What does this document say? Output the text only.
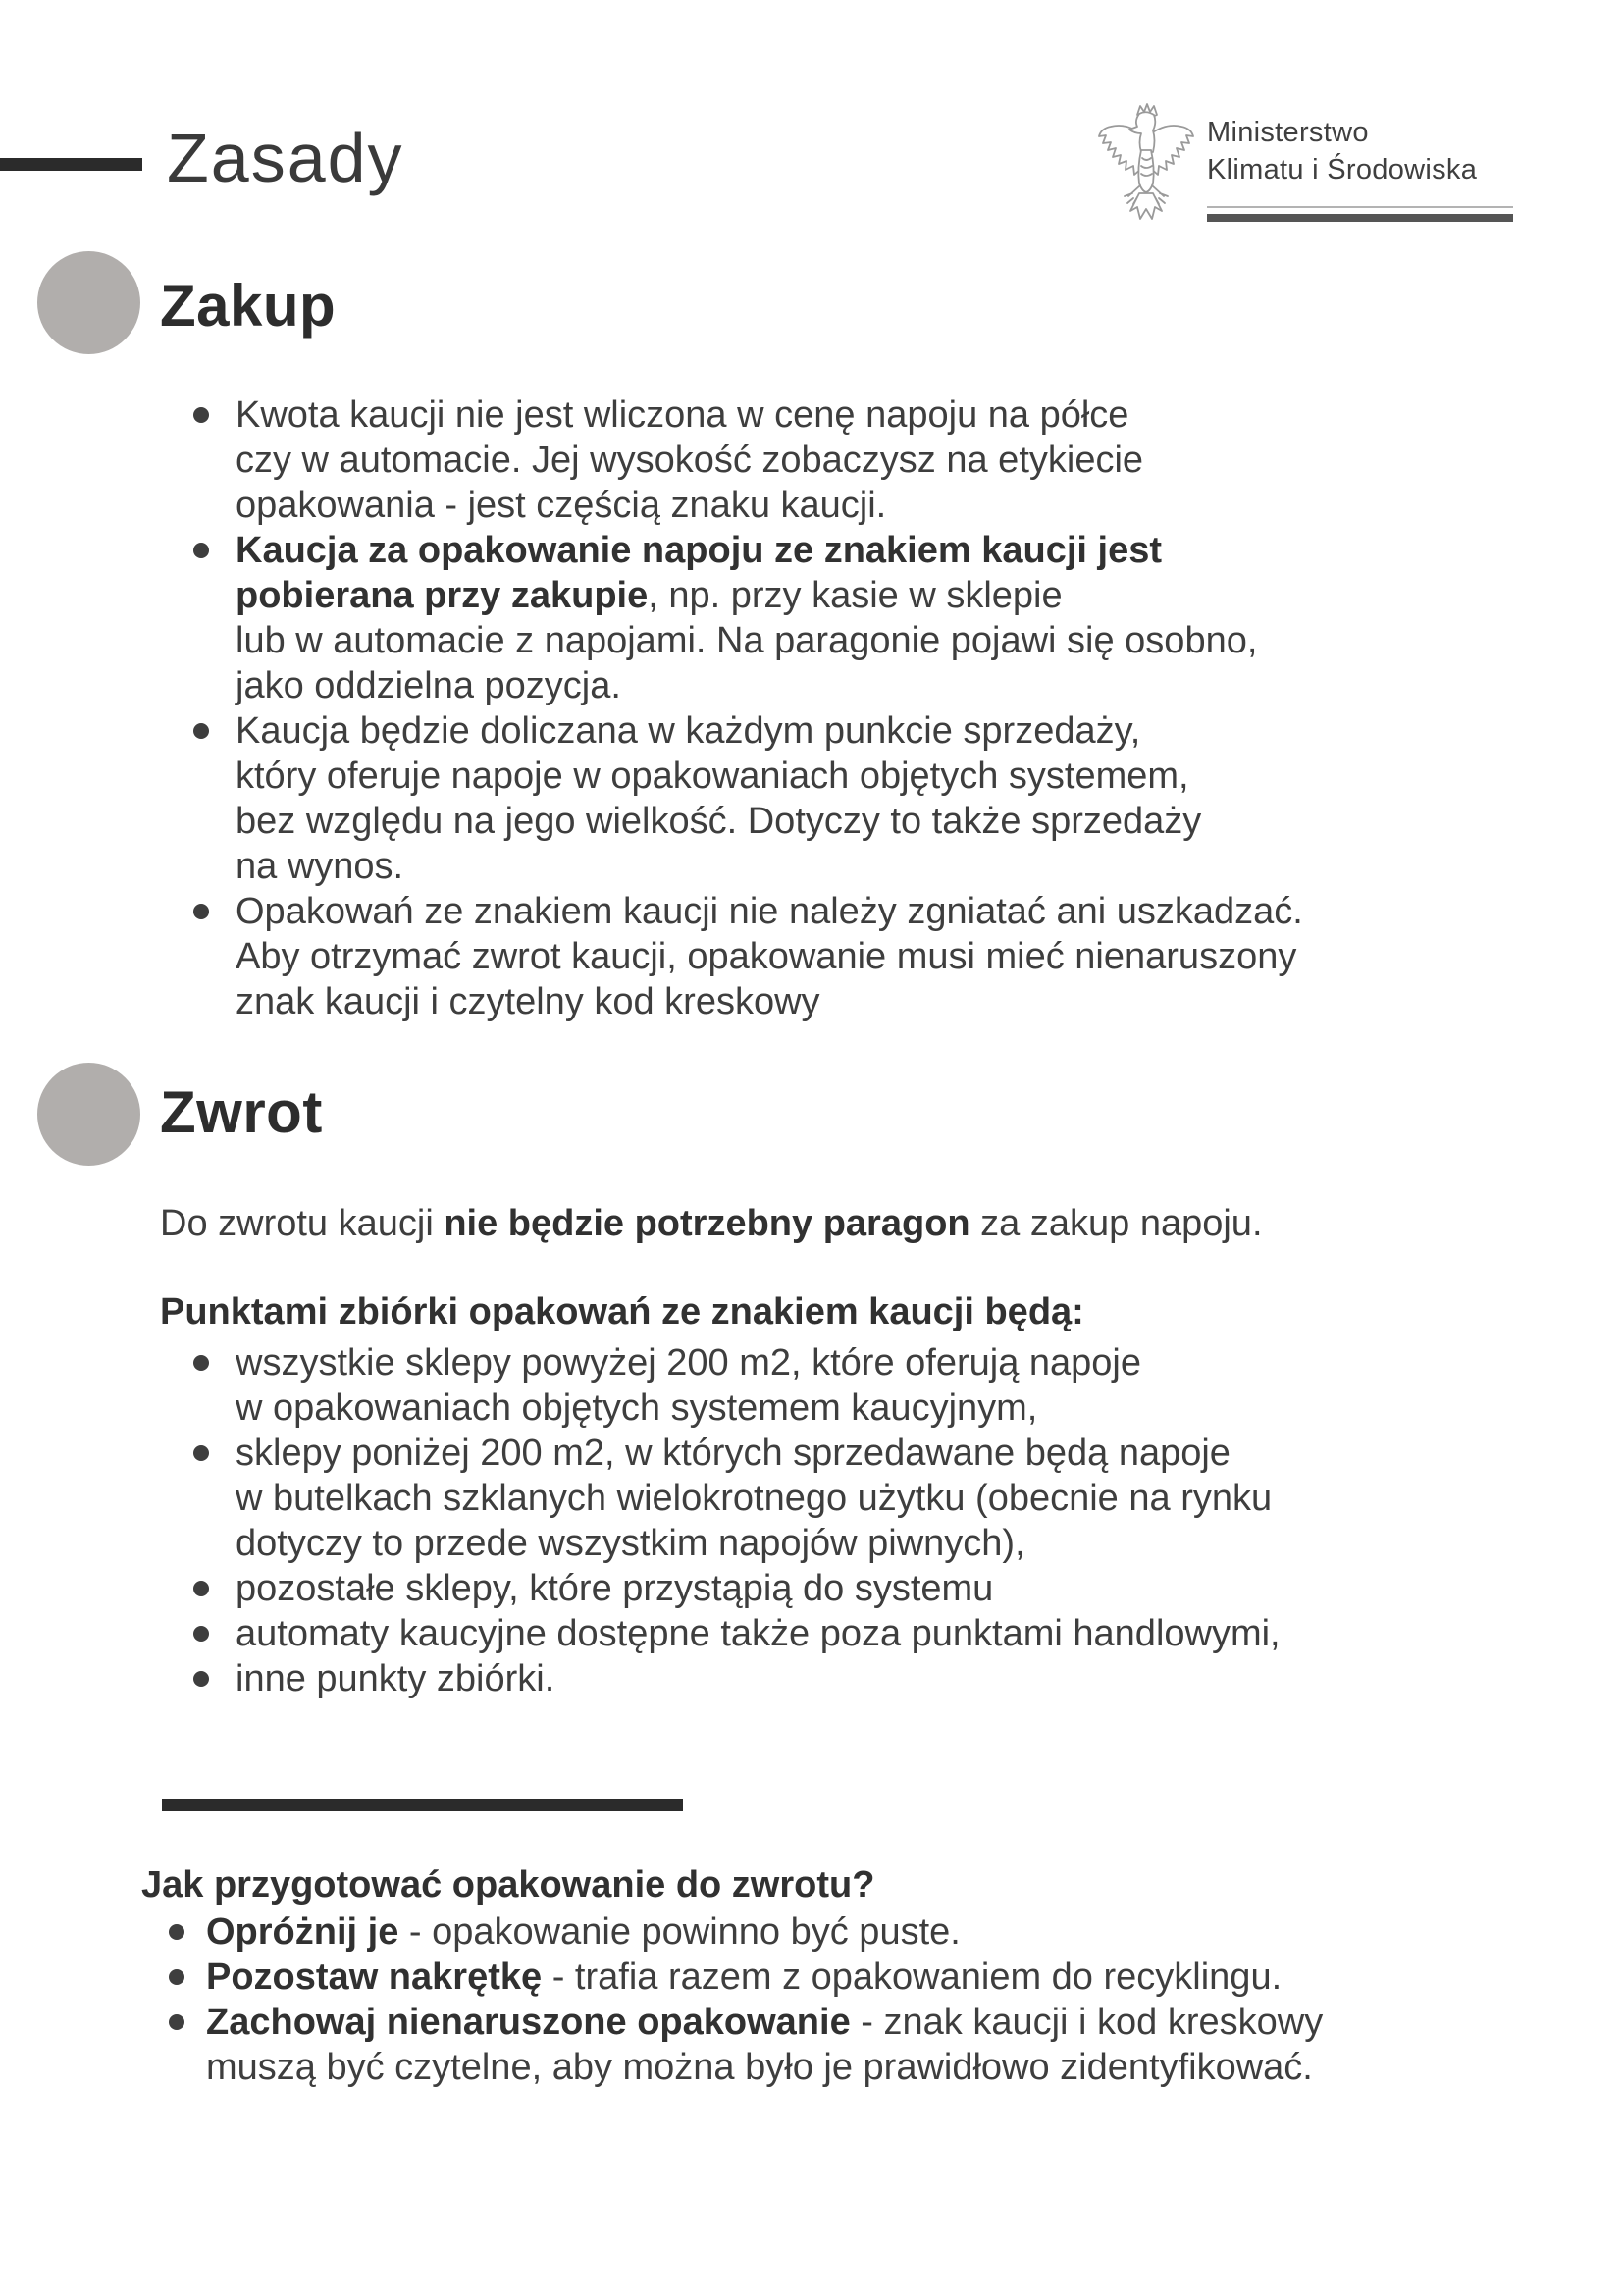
Zasady	Ministerstwo
Klimatu i Środowiska
Zakup
Kwota kaucji nie jest wliczona w cenę napoju na półce
czy w automacie. Jej wysokość zobaczysz na etykiecie
opakowania - jest częścią znaku kaucji.
Kaucja za opakowanie napoju ze znakiem kaucji jest
pobierana przy zakupie, np. przy kasie w sklepie
lub w automacie z napojami. Na paragonie pojawi się osobno,
jako oddzielna pozycja.
Kaucja będzie doliczana w każdym punkcie sprzedaży,
który oferuje napoje w opakowaniach objętych systemem,
bez względu na jego wielkość. Dotyczy to także sprzedaży
na wynos.
Opakowań ze znakiem kaucji nie należy zgniatać ani uszkadzać.
Aby otrzymać zwrot kaucji, opakowanie musi mieć nienaruszony
znak kaucji i czytelny kod kreskowy
Zwrot
Do zwrotu kaucji nie będzie potrzebny paragon za zakup napoju.
Punktami zbiórki opakowań ze znakiem kaucji będą:
wszystkie sklepy powyżej 200 m2, które oferują napoje
w opakowaniach objętych systemem kaucyjnym,
sklepy poniżej 200 m2, w których sprzedawane będą napoje
w butelkach szklanych wielokrotnego użytku (obecnie na rynku
dotyczy to przede wszystkim napojów piwnych),
pozostałe sklepy, które przystąpią do systemu
automaty kaucyjne dostępne także poza punktami handlowymi,
inne punkty zbiórki.
Jak przygotować opakowanie do zwrotu?
Opróżnij je - opakowanie powinno być puste.
Pozostaw nakrętkę - trafia razem z opakowaniem do recyklingu.
Zachowaj nienaruszone opakowanie - znak kaucji i kod kreskowy
muszą być czytelne, aby można było je prawidłowo zidentyfikować.
